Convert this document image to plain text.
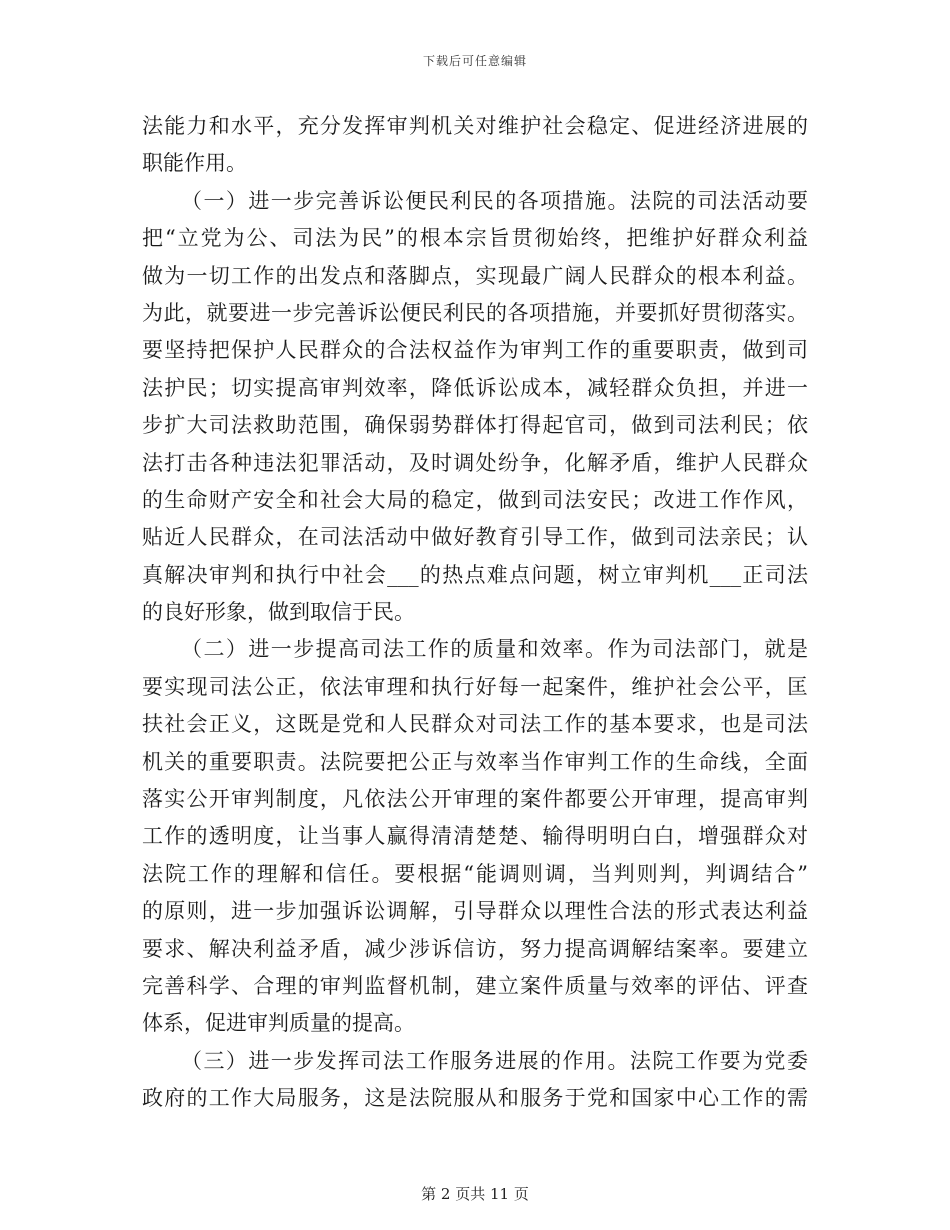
下载后可任意编辑
法能力和水平，充分发挥审判机关对维护社会稳定、促进经济进展的
职能作用。
（一）进一步完善诉讼便民利民的各项措施。法院的司法活动要
把“立党为公、司法为民”的根本宗旨贯彻始终，把维护好群众利益
做为一切工作的出发点和落脚点，实现最广阔人民群众的根本利益。
为此，就要进一步完善诉讼便民利民的各项措施，并要抓好贯彻落实。
要坚持把保护人民群众的合法权益作为审判工作的重要职责，做到司
法护民；切实提高审判效率，降低诉讼成本，减轻群众负担，并进一
步扩大司法救助范围，确保弱势群体打得起官司，做到司法利民；依
法打击各种违法犯罪活动，及时调处纷争，化解矛盾，维护人民群众
的生命财产安全和社会大局的稳定，做到司法安民；改进工作作风，
贴近人民群众，在司法活动中做好教育引导工作，做到司法亲民；认
真解决审判和执行中社会___的热点难点问题，树立审判机___正司法
的良好形象，做到取信于民。
（二）进一步提高司法工作的质量和效率。作为司法部门，就是
要实现司法公正，依法审理和执行好每一起案件，维护社会公平，匡
扶社会正义，这既是党和人民群众对司法工作的基本要求，也是司法
机关的重要职责。法院要把公正与效率当作审判工作的生命线，全面
落实公开审判制度，凡依法公开审理的案件都要公开审理，提高审判
工作的透明度，让当事人赢得清清楚楚、输得明明白白，增强群众对
法院工作的理解和信任。要根据“能调则调，当判则判，判调结合”
的原则，进一步加强诉讼调解，引导群众以理性合法的形式表达利益
要求、解决利益矛盾，减少涉诉信访，努力提高调解结案率。要建立
完善科学、合理的审判监督机制，建立案件质量与效率的评估、评查
体系，促进审判质量的提高。
（三）进一步发挥司法工作服务进展的作用。法院工作要为党委
政府的工作大局服务，这是法院服从和服务于党和国家中心工作的需
第 2 页共 11 页
